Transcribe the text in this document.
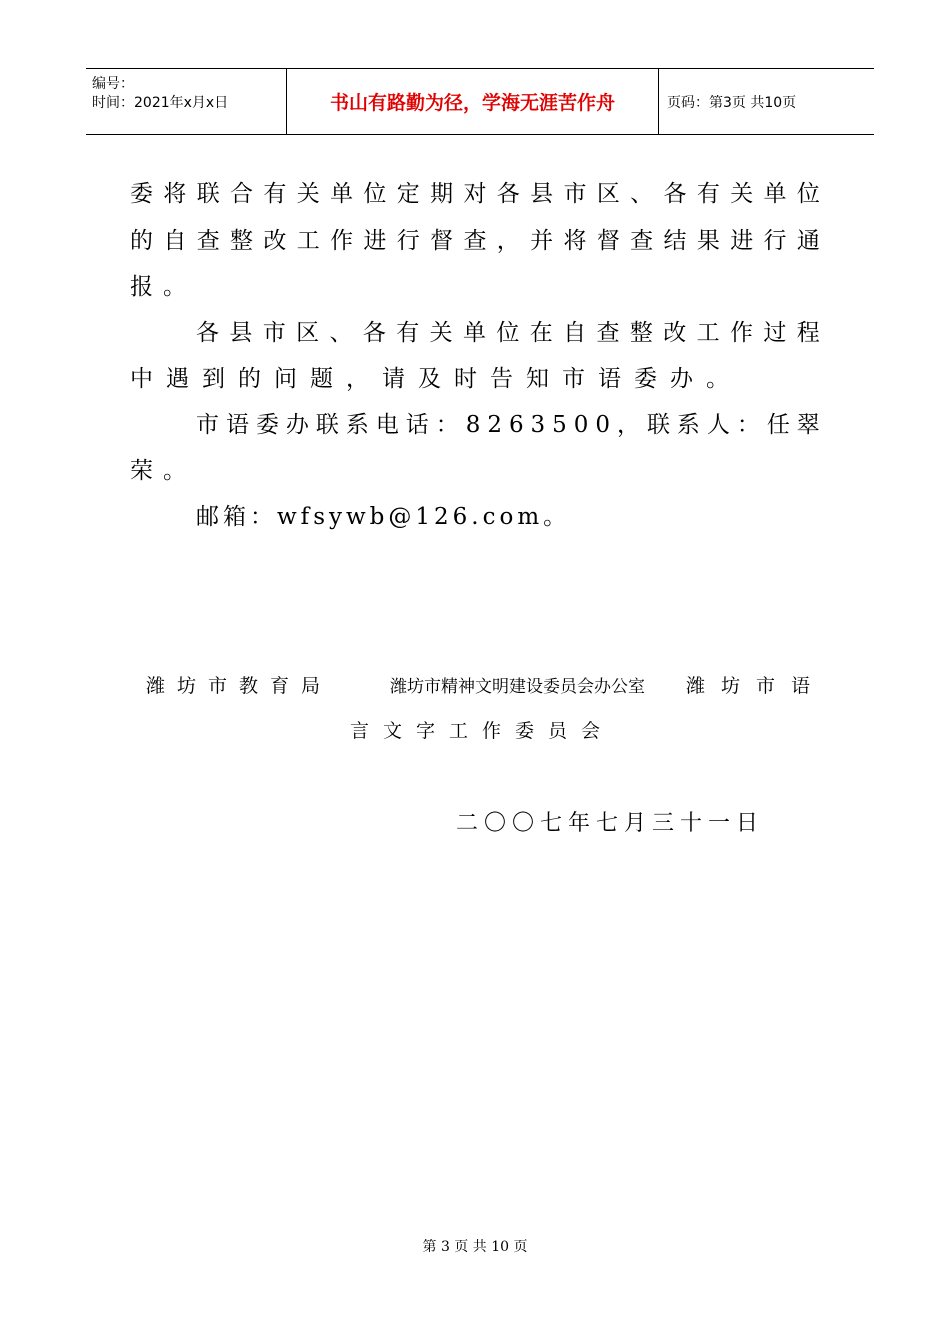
编号：
时间：2021年x月x日	书山有路勤为径，学海无涯苦作舟	页码：第3页 共10页
委 将 联 合 有 关 单 位 定 期 对 各 县 市 区 、 各 有 关 单 位
的 自 查 整 改 工 作 进 行 督 查 ， 并 将 督 查 结 果 进 行 通
报。
各 县 市 区 、 各 有 关 单 位 在 自 查 整 改 工 作 过 程
中遇到的问题，请及时告知市语委办。
市 语 委 办 联 系 电 话 ： 8 2 6 3 5 0 0 ， 联 系 人 ： 任 翠
荣。
邮箱：wfsywb@126.com。
潍坊市教育局	潍坊市精神文明建设委员会办公室 潍坊市语
言文字工作委员会
二〇〇七年七月三十一日
第 3 页 共 10 页
